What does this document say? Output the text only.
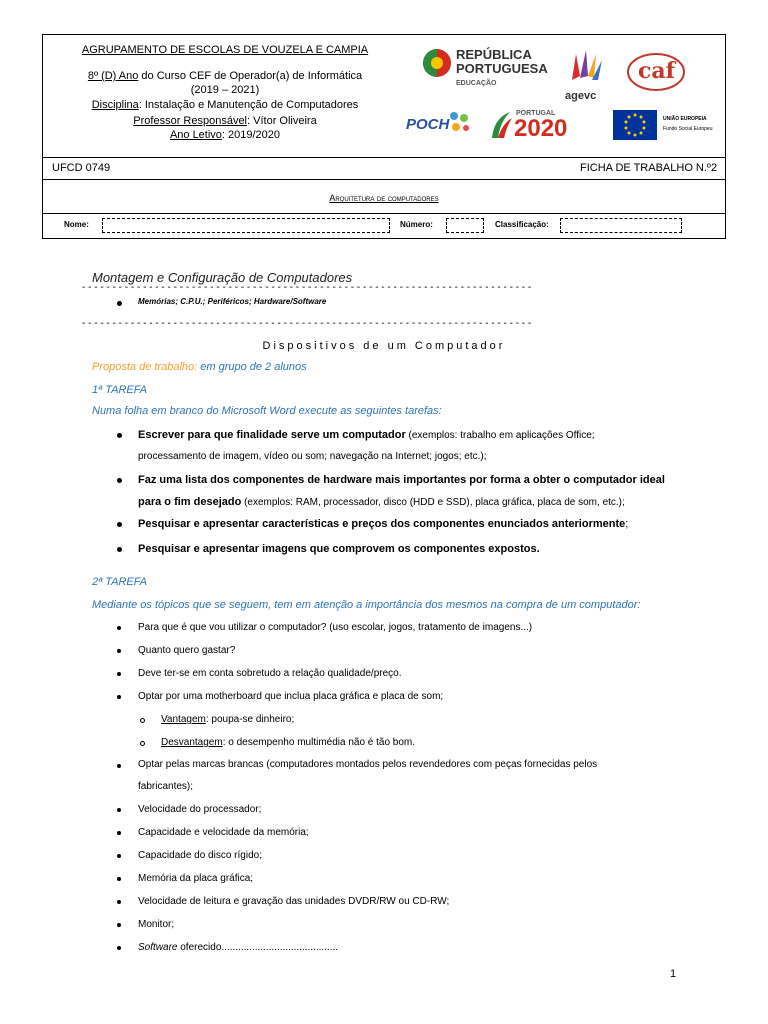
AGRUPAMENTO DE ESCOLAS DE VOUZELA E CAMPIA
8º (D) Ano do Curso CEF de Operador(a) de Informática
(2019 – 2021)
Disciplina: Instalação e Manutenção de Computadores
Professor Responsável: Vítor Oliveira
Ano Letivo: 2019/2020
REPÚBLICA
PORTUGUESA
EDUCAÇÃO
agevc
caf
POCH
PORTUGAL
2020	UNIÃO EUROPEIA
Fundo Social Europeu
UFCD 0749	FICHA DE TRABALHO N.º2
Arquitetura de computadores
Nome:	Número:	Classificação:
Montagem e Configuração de Computadores
- - - - - - - - - - - - - - - - - - - - - - - - - - - - - - - - - - - - - - - - - - - - - - - - - - - - - - - - - - - - - - - - - - - - - - - - - -
Memórias; C.P.U.; Periféricos; Hardware/Software
- - - - - - - - - - - - - - - - - - - - - - - - - - - - - - - - - - - - - - - - - - - - - - - - - - - - - - - - - - - - - - - - - - - - - - - - - -
Dispositivos de um Computador
Proposta de trabalho: em grupo de 2 alunos
1ª TAREFA
Numa folha em branco do Microsoft Word execute as seguintes tarefas:
Escrever para que finalidade serve um computador (exemplos: trabalho em aplicações Office;
processamento de imagem, vídeo ou som; navegação na Internet; jogos; etc.);
Faz uma lista dos componentes de hardware mais importantes por forma a obter o computador ideal
para o fim desejado (exemplos: RAM, processador, disco (HDD e SSD), placa gráfica, placa de som, etc.);
Pesquisar e apresentar características e preços dos componentes enunciados anteriormente;
Pesquisar e apresentar imagens que comprovem os componentes expostos.
2ª TAREFA
Mediante os tópicos que se seguem, tem em atenção a importância dos mesmos na compra de um computador:
Para que é que vou utilizar o computador? (uso escolar, jogos, tratamento de imagens...)
Quanto quero gastar?
Deve ter-se em conta sobretudo a relação qualidade/preço.
Optar por uma motherboard que inclua placa gráfica e placa de som;
Vantagem: poupa-se dinheiro;
Desvantagem: o desempenho multimédia não é tão bom.
Optar pelas marcas brancas (computadores montados pelos revendedores com peças fornecidas pelos
fabricantes);
Velocidade do processador;
Capacidade e velocidade da memória;
Capacidade do disco rígido;
Memória da placa gráfica;
Velocidade de leitura e gravação das unidades DVDR/RW ou CD-RW;
Monitor;
Software oferecido..........................................
1
